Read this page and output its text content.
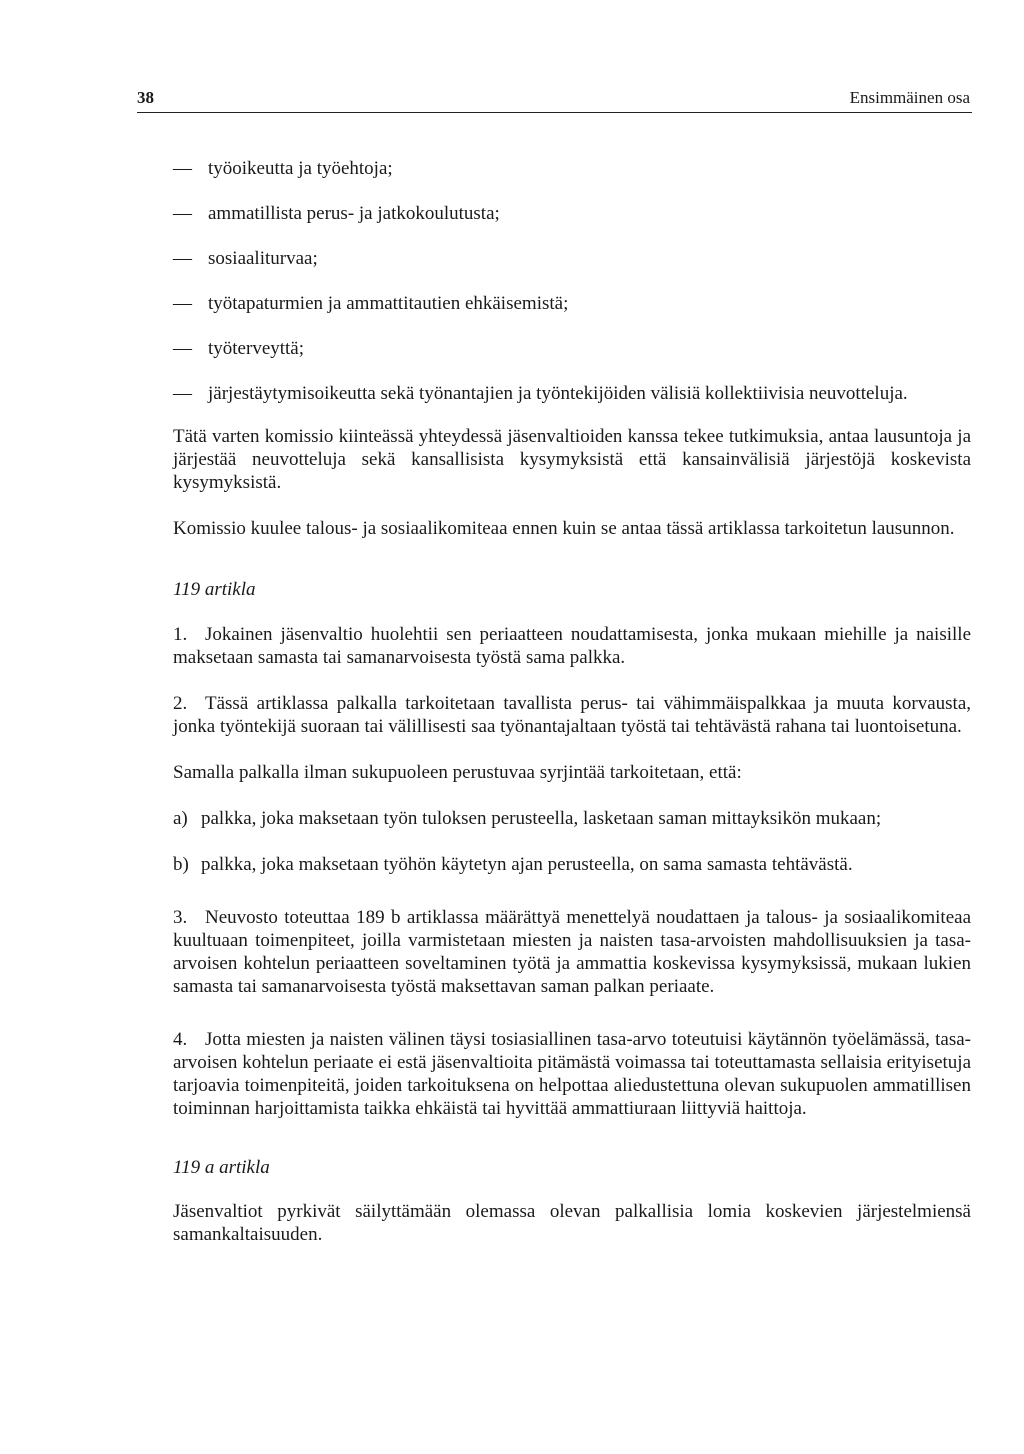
38	Ensimmäinen osa
— työoikeutta ja työehtoja;
— ammatillista perus- ja jatkokoulutusta;
— sosiaaliturvaa;
— työtapaturmien ja ammattitautien ehkäisemistä;
— työterveyttä;
— järjestäytymisoikeutta sekä työnantajien ja työntekijöiden välisiä kollektiivisia neuvotteluja.

Tätä varten komissio kiinteässä yhteydessä jäsenvaltioiden kanssa tekee tutkimuksia, antaa lausuntoja ja järjestää neuvotteluja sekä kansallisista kysymyksistä että kansainvälisiä järjestöjä koskevista kysymyksistä.

Komissio kuulee talous- ja sosiaalikomiteaa ennen kuin se antaa tässä artiklassa tarkoitetun lausunnon.

119 artikla

1. Jokainen jäsenvaltio huolehtii sen periaatteen noudattamisesta, jonka mukaan miehille ja naisille maksetaan samasta tai samanarvoisesta työstä sama palkka.

2. Tässä artiklassa palkalla tarkoitetaan tavallista perus- tai vähimmäispalkkaa ja muuta korvausta, jonka työntekijä suoraan tai välillisesti saa työnantajaltaan työstä tai tehtävästä rahana tai luontoisetuna.

Samalla palkalla ilman sukupuoleen perustuvaa syrjintää tarkoitetaan, että:

a) palkka, joka maksetaan työn tuloksen perusteella, lasketaan saman mittayksikön mukaan;
b) palkka, joka maksetaan työhön käytetyn ajan perusteella, on sama samasta tehtävästä.

3. Neuvosto toteuttaa 189 b artiklassa määrättyä menettelyä noudattaen ja talous- ja sosiaalikomiteaa kuultuaan toimenpiteet, joilla varmistetaan miesten ja naisten tasa-arvoisten mahdollisuuksien ja tasa-arvoisen kohtelun periaatteen soveltaminen työtä ja ammattia koskevissa kysymyksissä, mukaan lukien samasta tai samanarvoisesta työstä maksettavan saman palkan periaate.

4. Jotta miesten ja naisten välinen täysi tosiasiallinen tasa-arvo toteutuisi käytännön työelämässä, tasa-arvoisen kohtelun periaate ei estä jäsenvaltioita pitämästä voimassa tai toteuttamasta sellaisia erityisetuja tarjoavia toimenpiteitä, joiden tarkoituksena on helpottaa aliedustettuna olevan sukupuolen ammatillisen toiminnan harjoittamista taikka ehkäistä tai hyvittää ammattiuraan liittyviä haittoja.

119 a artikla

Jäsenvaltiot pyrkivät säilyttämään olemassa olevan palkallisia lomia koskevien järjestelmiensä samankaltaisuuden.
